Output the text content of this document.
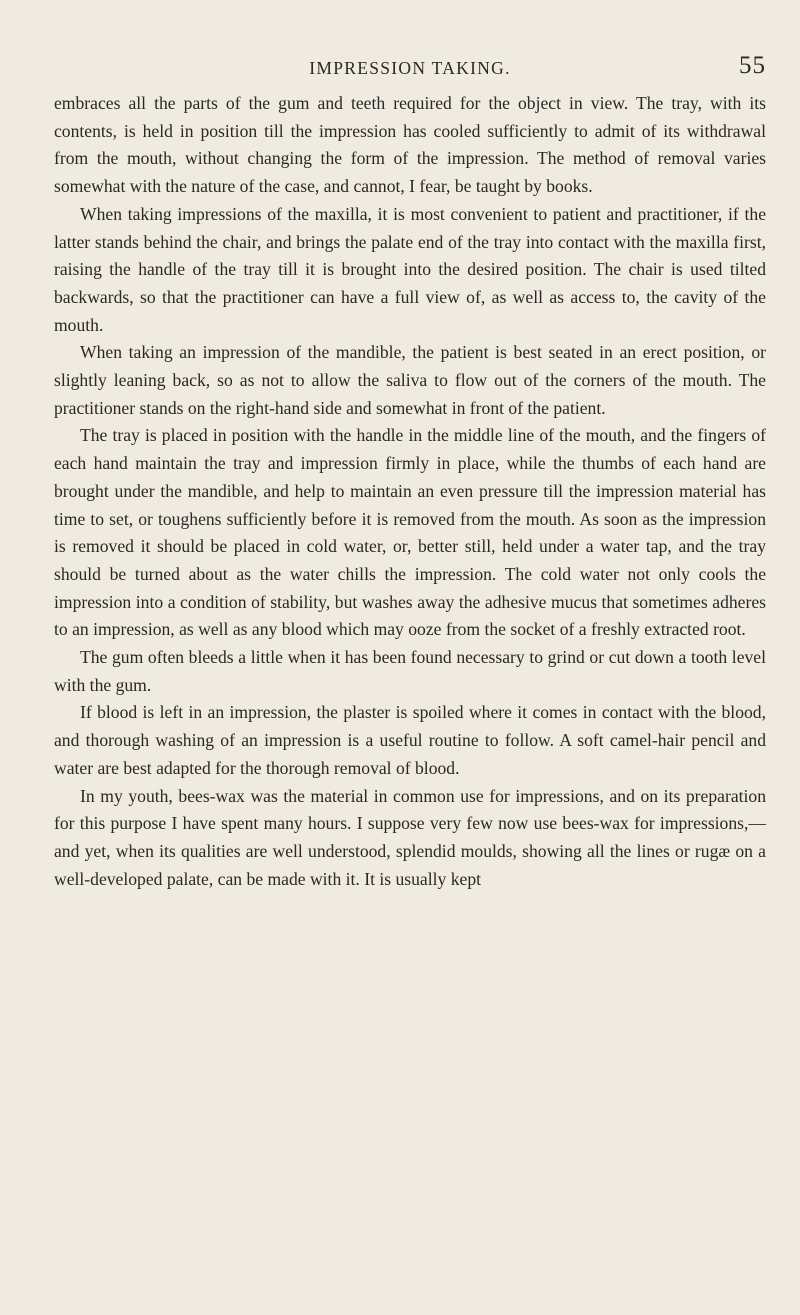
IMPRESSION TAKING.	55

embraces all the parts of the gum and teeth required for the object in view. The tray, with its contents, is held in position till the impression has cooled sufficiently to admit of its withdrawal from the mouth, without changing the form of the impression. The method of removal varies somewhat with the nature of the case, and cannot, I fear, be taught by books.

When taking impressions of the maxilla, it is most convenient to patient and practitioner, if the latter stands behind the chair, and brings the palate end of the tray into contact with the maxilla first, raising the handle of the tray till it is brought into the desired position. The chair is used tilted backwards, so that the practitioner can have a full view of, as well as access to, the cavity of the mouth.

When taking an impression of the mandible, the patient is best seated in an erect position, or slightly leaning back, so as not to allow the saliva to flow out of the corners of the mouth. The practitioner stands on the right-hand side and somewhat in front of the patient.

The tray is placed in position with the handle in the middle line of the mouth, and the fingers of each hand maintain the tray and impression firmly in place, while the thumbs of each hand are brought under the mandible, and help to maintain an even pressure till the impression material has time to set, or toughens sufficiently before it is removed from the mouth. As soon as the impression is removed it should be placed in cold water, or, better still, held under a water tap, and the tray should be turned about as the water chills the impression. The cold water not only cools the impression into a condition of stability, but washes away the adhesive mucus that sometimes adheres to an impression, as well as any blood which may ooze from the socket of a freshly extracted root.

The gum often bleeds a little when it has been found necessary to grind or cut down a tooth level with the gum.

If blood is left in an impression, the plaster is spoiled where it comes in contact with the blood, and thorough washing of an impression is a useful routine to follow. A soft camel-hair pencil and water are best adapted for the thorough removal of blood.

In my youth, bees-wax was the material in common use for impressions, and on its preparation for this purpose I have spent many hours. I suppose very few now use bees-wax for impressions,—and yet, when its qualities are well understood, splendid moulds, showing all the lines or rugæ on a well-developed palate, can be made with it. It is usually kept
